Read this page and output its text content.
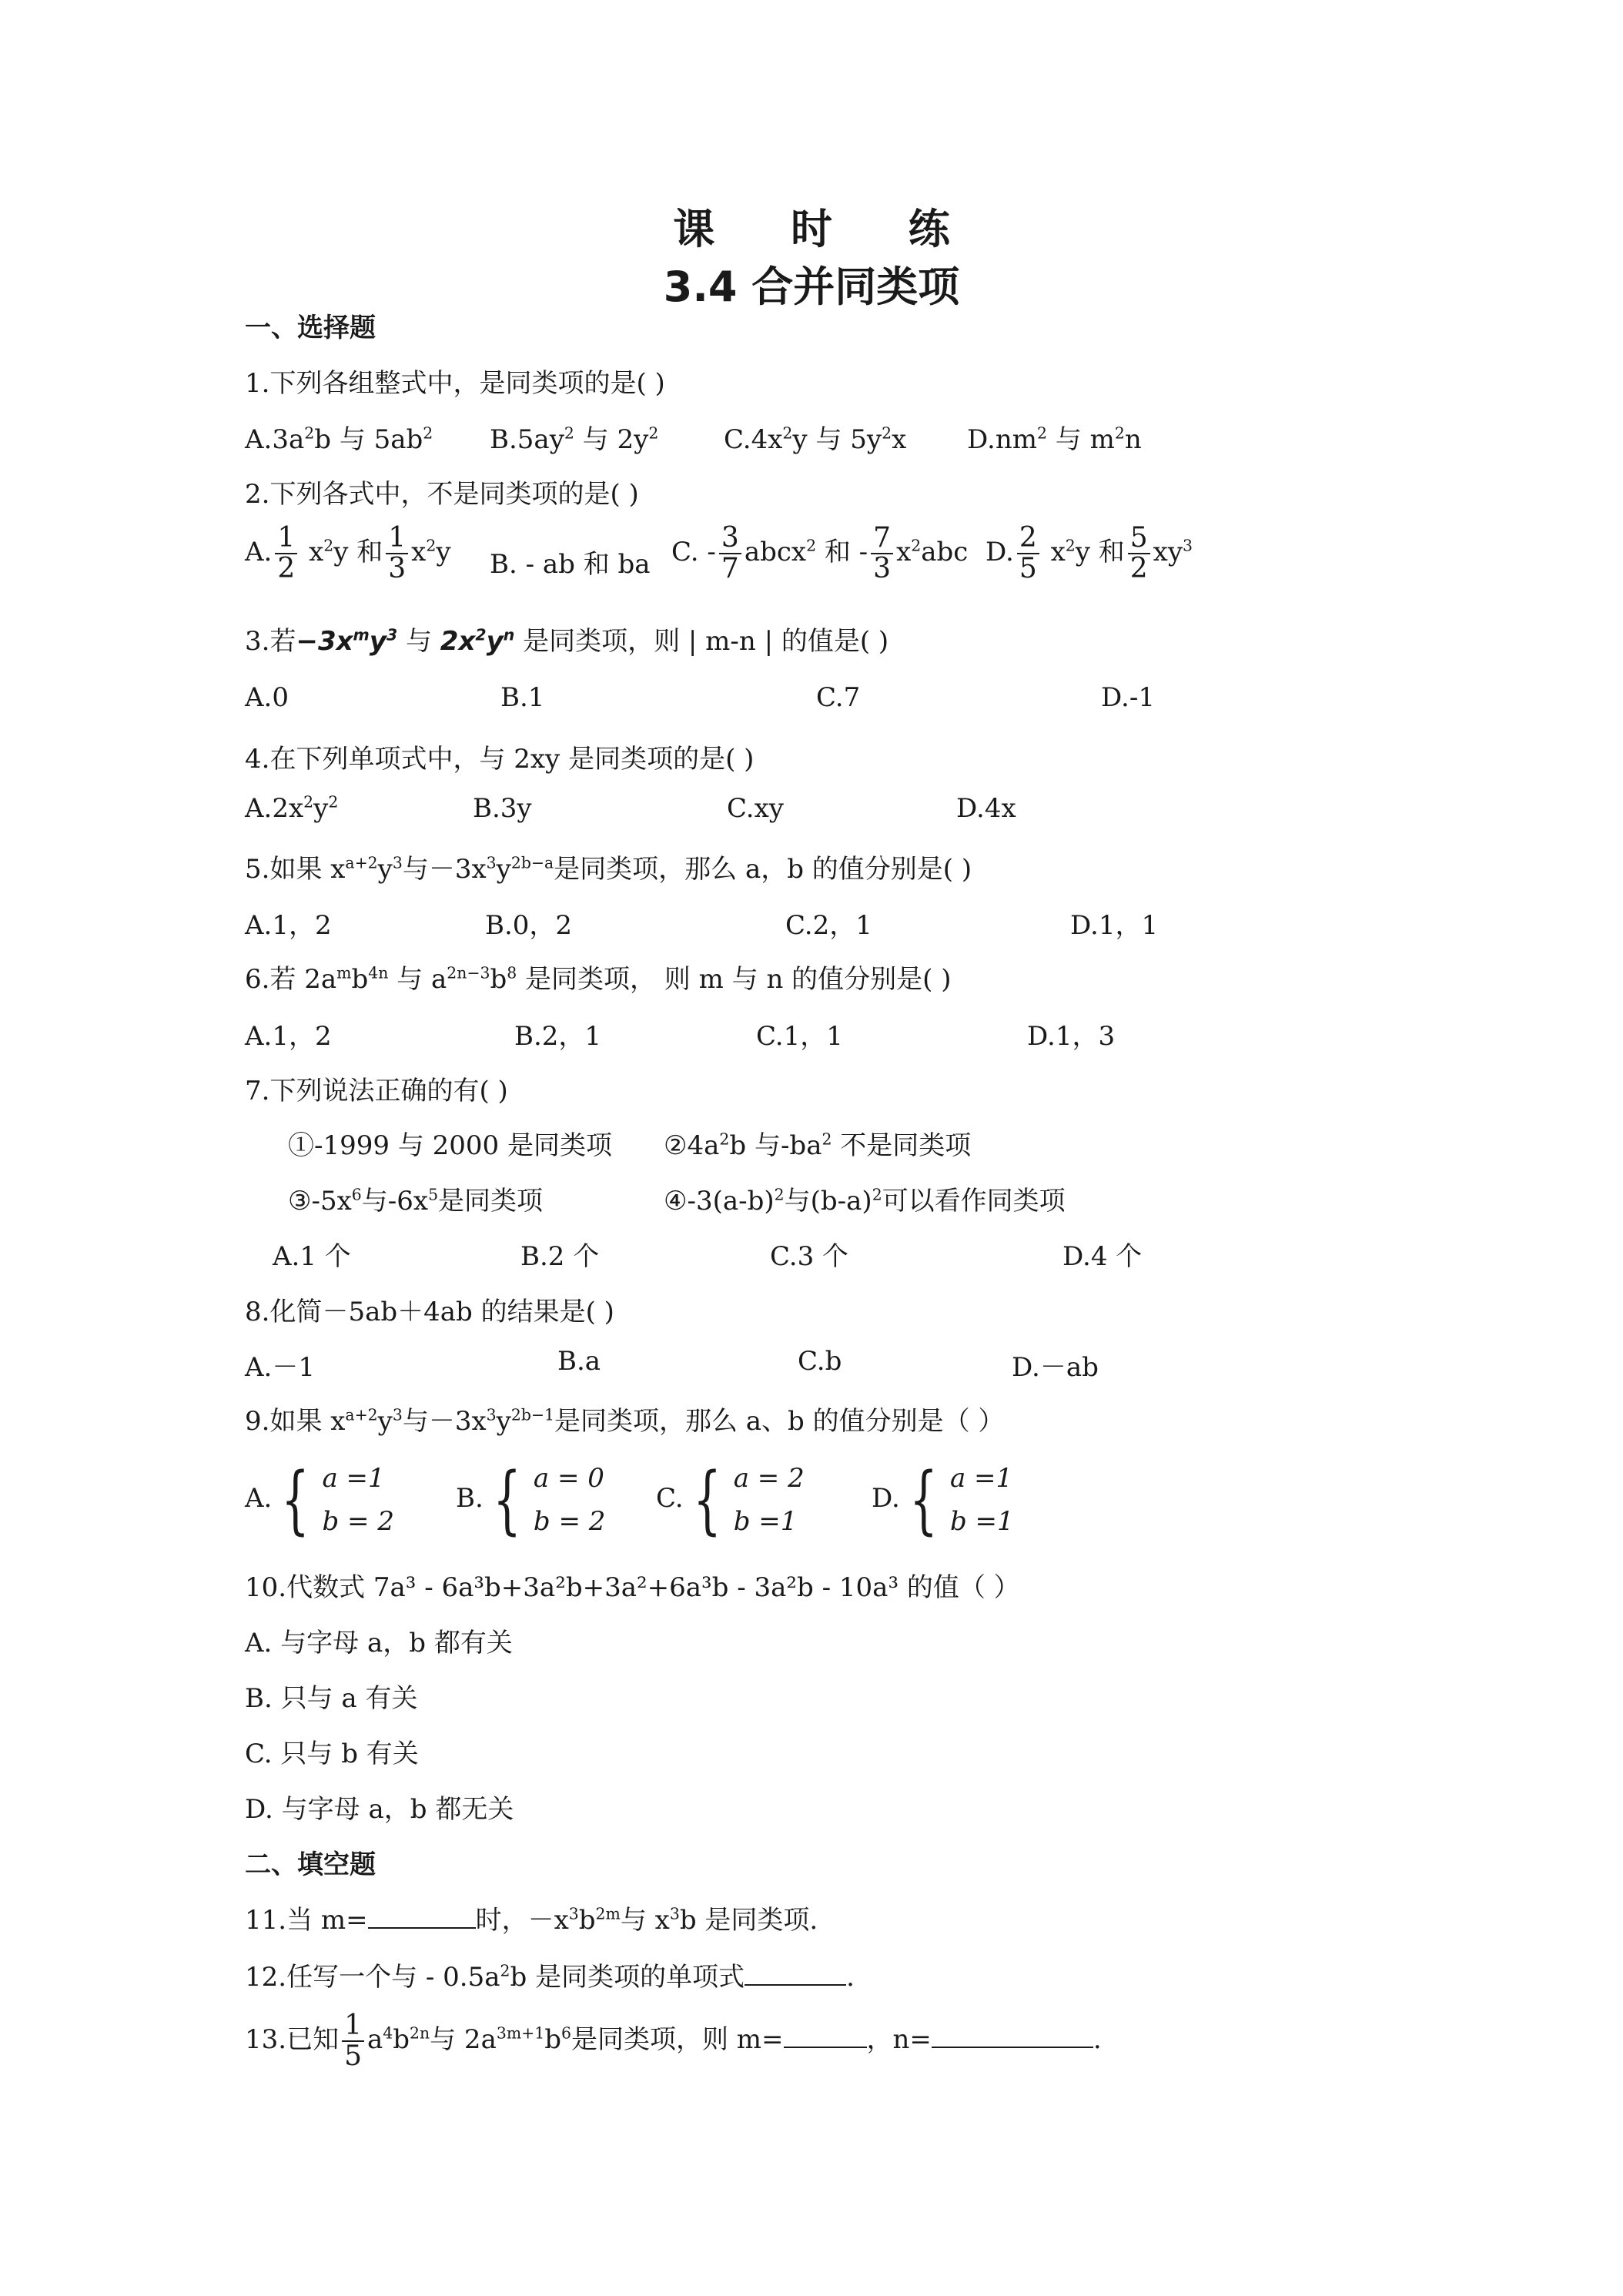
课 时 练
3.4 合并同类项
一、选择题
1.下列各组整式中，是同类项的是( )
$A.3a^2b$ 与 $5ab^2$ $B.5ay^2$ 与 $2y^2$ $C.4x^2y$ 与 $5y^2x$ $D.nm^2$ 与 $m^2n$
2.下列各式中，不是同类项的是( )
A. $\frac{1}{2} x^2y$ 和 $\frac{1}{3} x^2y$ B. - ab 和 ba C. - $\frac{3}{7}$ abcx$^2$ 和 - $\frac{7}{3} x^2abc$ D. $\frac{2}{5} x^2y$ 和 $\frac{5}{2} xy^3$
3.若$-3x^my^3$ 与 $2x^2y^n$ 是同类项，则 | m-n | 的值是( )
A.0	B.1	C.7	D.-1
4.在下列单项式中，与 2xy 是同类项的是( )
$A.2x^2y^2$	B.3y	C.xy	D.4x
5.如果 $x^{a+2}y^3$与$-3x^3y^{2b-a}$是同类项，那么 a，b 的值分别是( )
A.1，2	B.0，2	C.2，1	D.1，1
6.若 $2a^mb^{4n}$ 与 $a^{2n-3}b^8$ 是同类项， 则 m 与 n 的值分别是( )
A.1，2	B.2，1	C.1，1	D.1，3
7.下列说法正确的有( )
①-1999 与 2000 是同类项 $②4a^2b$ 与$-ba^2$ 不是同类项
$③-5x^6$与$-6x^5$是同类项	$④-3(a-b)^2$与$(b-a)^2$可以看作同类项
A.1 个	B.2 个	C.3 个	D.4 个
8.化简－5ab＋4ab 的结果是( )
A.－1	B.a	C.b	D.－ab
9.如果 $x^{a+2}y^3$与$-3x^3y^{2b-1}$是同类项，那么 a、b 的值分别是（ ）
A. { a =1
b = 2
B. { a = 0
b = 2
C. { a = 2
b =1
D. { a =1
b =1
10.代数式 7a³ - 6a³b+3a²b+3a²+6a³b - 3a²b - 10a³ 的值（ ）
A. 与字母 a，b 都有关
B. 只与 a 有关
C. 只与 b 有关
D. 与字母 a，b 都无关
二、填空题
11.当 m=	时，$-x^3b^{2m}$与 $x^3b$ 是同类项.
12.任写一个与 - $0.5a^2b$ 是同类项的单项式	.
13.已知 $\frac{1}{5} a^4b^{2n}$与 $2a^{3m+1}b^6$是同类项，则 m=	，n=	.
